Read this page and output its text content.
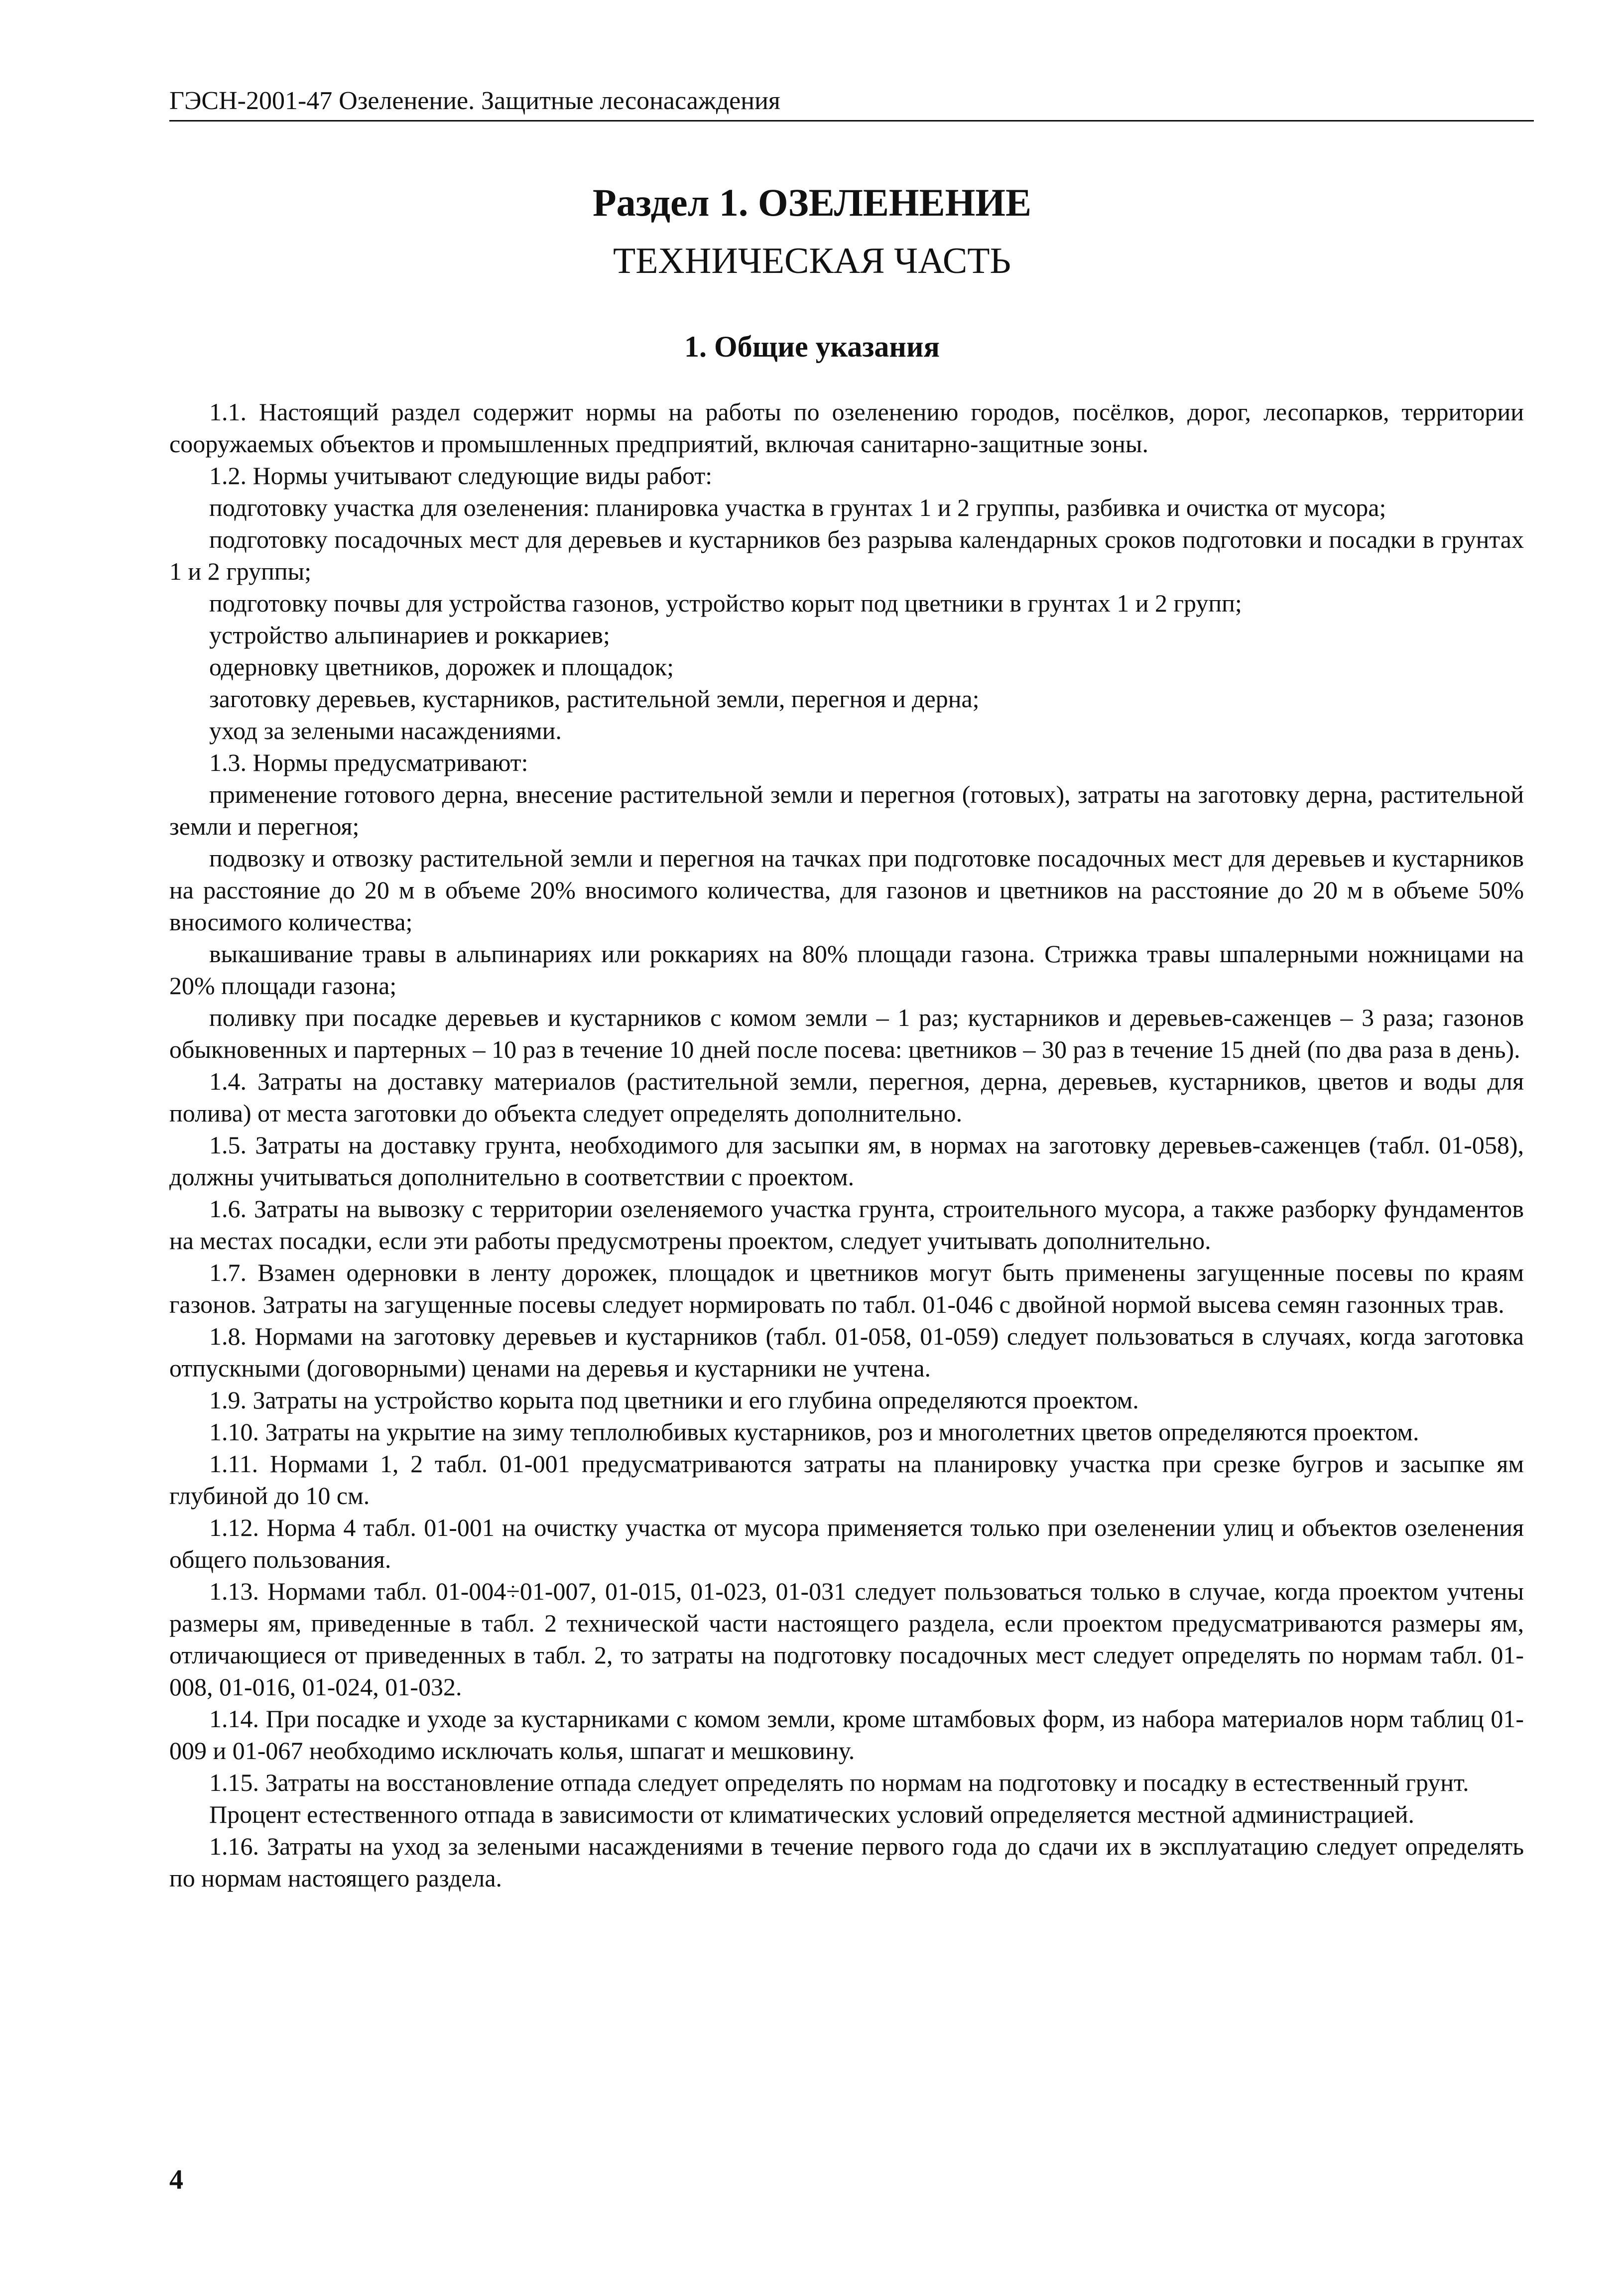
ГЭСН-2001-47 Озеленение. Защитные лесонасаждения
Раздел 1. ОЗЕЛЕНЕНИЕ
ТЕХНИЧЕСКАЯ ЧАСТЬ
1. Общие указания

1.1. Настоящий раздел содержит нормы на работы по озеленению городов, посёлков, дорог, лесопарков, территории сооружаемых объектов и промышленных предприятий, включая санитарно-защитные зоны.

1.2. Нормы учитывают следующие виды работ:

подготовку участка для озеленения: планировка участка в грунтах 1 и 2 группы, разбивка и очистка от мусора;

подготовку посадочных мест для деревьев и кустарников без разрыва календарных сроков подготовки и посадки в грунтах 1 и 2 группы;

подготовку почвы для устройства газонов, устройство корыт под цветники в грунтах 1 и 2 групп;

устройство альпинариев и роккариев;

одерновку цветников, дорожек и площадок;

заготовку деревьев, кустарников, растительной земли, перегноя и дерна;

уход за зелеными насаждениями.

1.3. Нормы предусматривают:

применение готового дерна, внесение растительной земли и перегноя (готовых), затраты на заготовку дерна, растительной земли и перегноя;

подвозку и отвозку растительной земли и перегноя на тачках при подготовке посадочных мест для деревьев и кустарников на расстояние до 20 м в объеме 20% вносимого количества, для газонов и цветников на расстояние до 20 м в объеме 50% вносимого количества;

выкашивание травы в альпинариях или роккариях на 80% площади газона. Стрижка травы шпалерными ножницами на 20% площади газона;

поливку при посадке деревьев и кустарников с комом земли – 1 раз; кустарников и деревьев-саженцев – 3 раза; газонов обыкновенных и партерных – 10 раз в течение 10 дней после посева: цветников – 30 раз в течение 15 дней (по два раза в день).

1.4. Затраты на доставку материалов (растительной земли, перегноя, дерна, деревьев, кустарников, цветов и воды для полива) от места заготовки до объекта следует определять дополнительно.

1.5. Затраты на доставку грунта, необходимого для засыпки ям, в нормах на заготовку деревьев-саженцев (табл. 01-058), должны учитываться дополнительно в соответствии с проектом.

1.6. Затраты на вывозку с территории озеленяемого участка грунта, строительного мусора, а также разборку фундаментов на местах посадки, если эти работы предусмотрены проектом, следует учитывать дополнительно.

1.7. Взамен одерновки в ленту дорожек, площадок и цветников могут быть применены загущенные посевы по краям газонов. Затраты на загущенные посевы следует нормировать по табл. 01-046 с двойной нормой высева семян газонных трав.

1.8. Нормами на заготовку деревьев и кустарников (табл. 01-058, 01-059) следует пользоваться в случаях, когда заготовка отпускными (договорными) ценами на деревья и кустарники не учтена.

1.9. Затраты на устройство корыта под цветники и его глубина определяются проектом.

1.10. Затраты на укрытие на зиму теплолюбивых кустарников, роз и многолетних цветов определяются проектом.

1.11. Нормами 1, 2 табл. 01-001 предусматриваются затраты на планировку участка при срезке бугров и засыпке ям глубиной до 10 см.

1.12. Норма 4 табл. 01-001 на очистку участка от мусора применяется только при озеленении улиц и объектов озеленения общего пользования.

1.13. Нормами табл. 01-004÷01-007, 01-015, 01-023, 01-031 следует пользоваться только в случае, когда проектом учтены размеры ям, приведенные в табл. 2 технической части настоящего раздела, если проектом предусматриваются размеры ям, отличающиеся от приведенных в табл. 2, то затраты на подготовку посадочных мест следует определять по нормам табл. 01-008, 01-016, 01-024, 01-032.

1.14. При посадке и уходе за кустарниками с комом земли, кроме штамбовых форм, из набора материалов норм таблиц 01-009 и 01-067 необходимо исключать колья, шпагат и мешковину.

1.15. Затраты на восстановление отпада следует определять по нормам на подготовку и посадку в естественный грунт.

Процент естественного отпада в зависимости от климатических условий определяется местной администрацией.

1.16. Затраты на уход за зелеными насаждениями в течение первого года до сдачи их в эксплуатацию следует определять по нормам настоящего раздела.

4
